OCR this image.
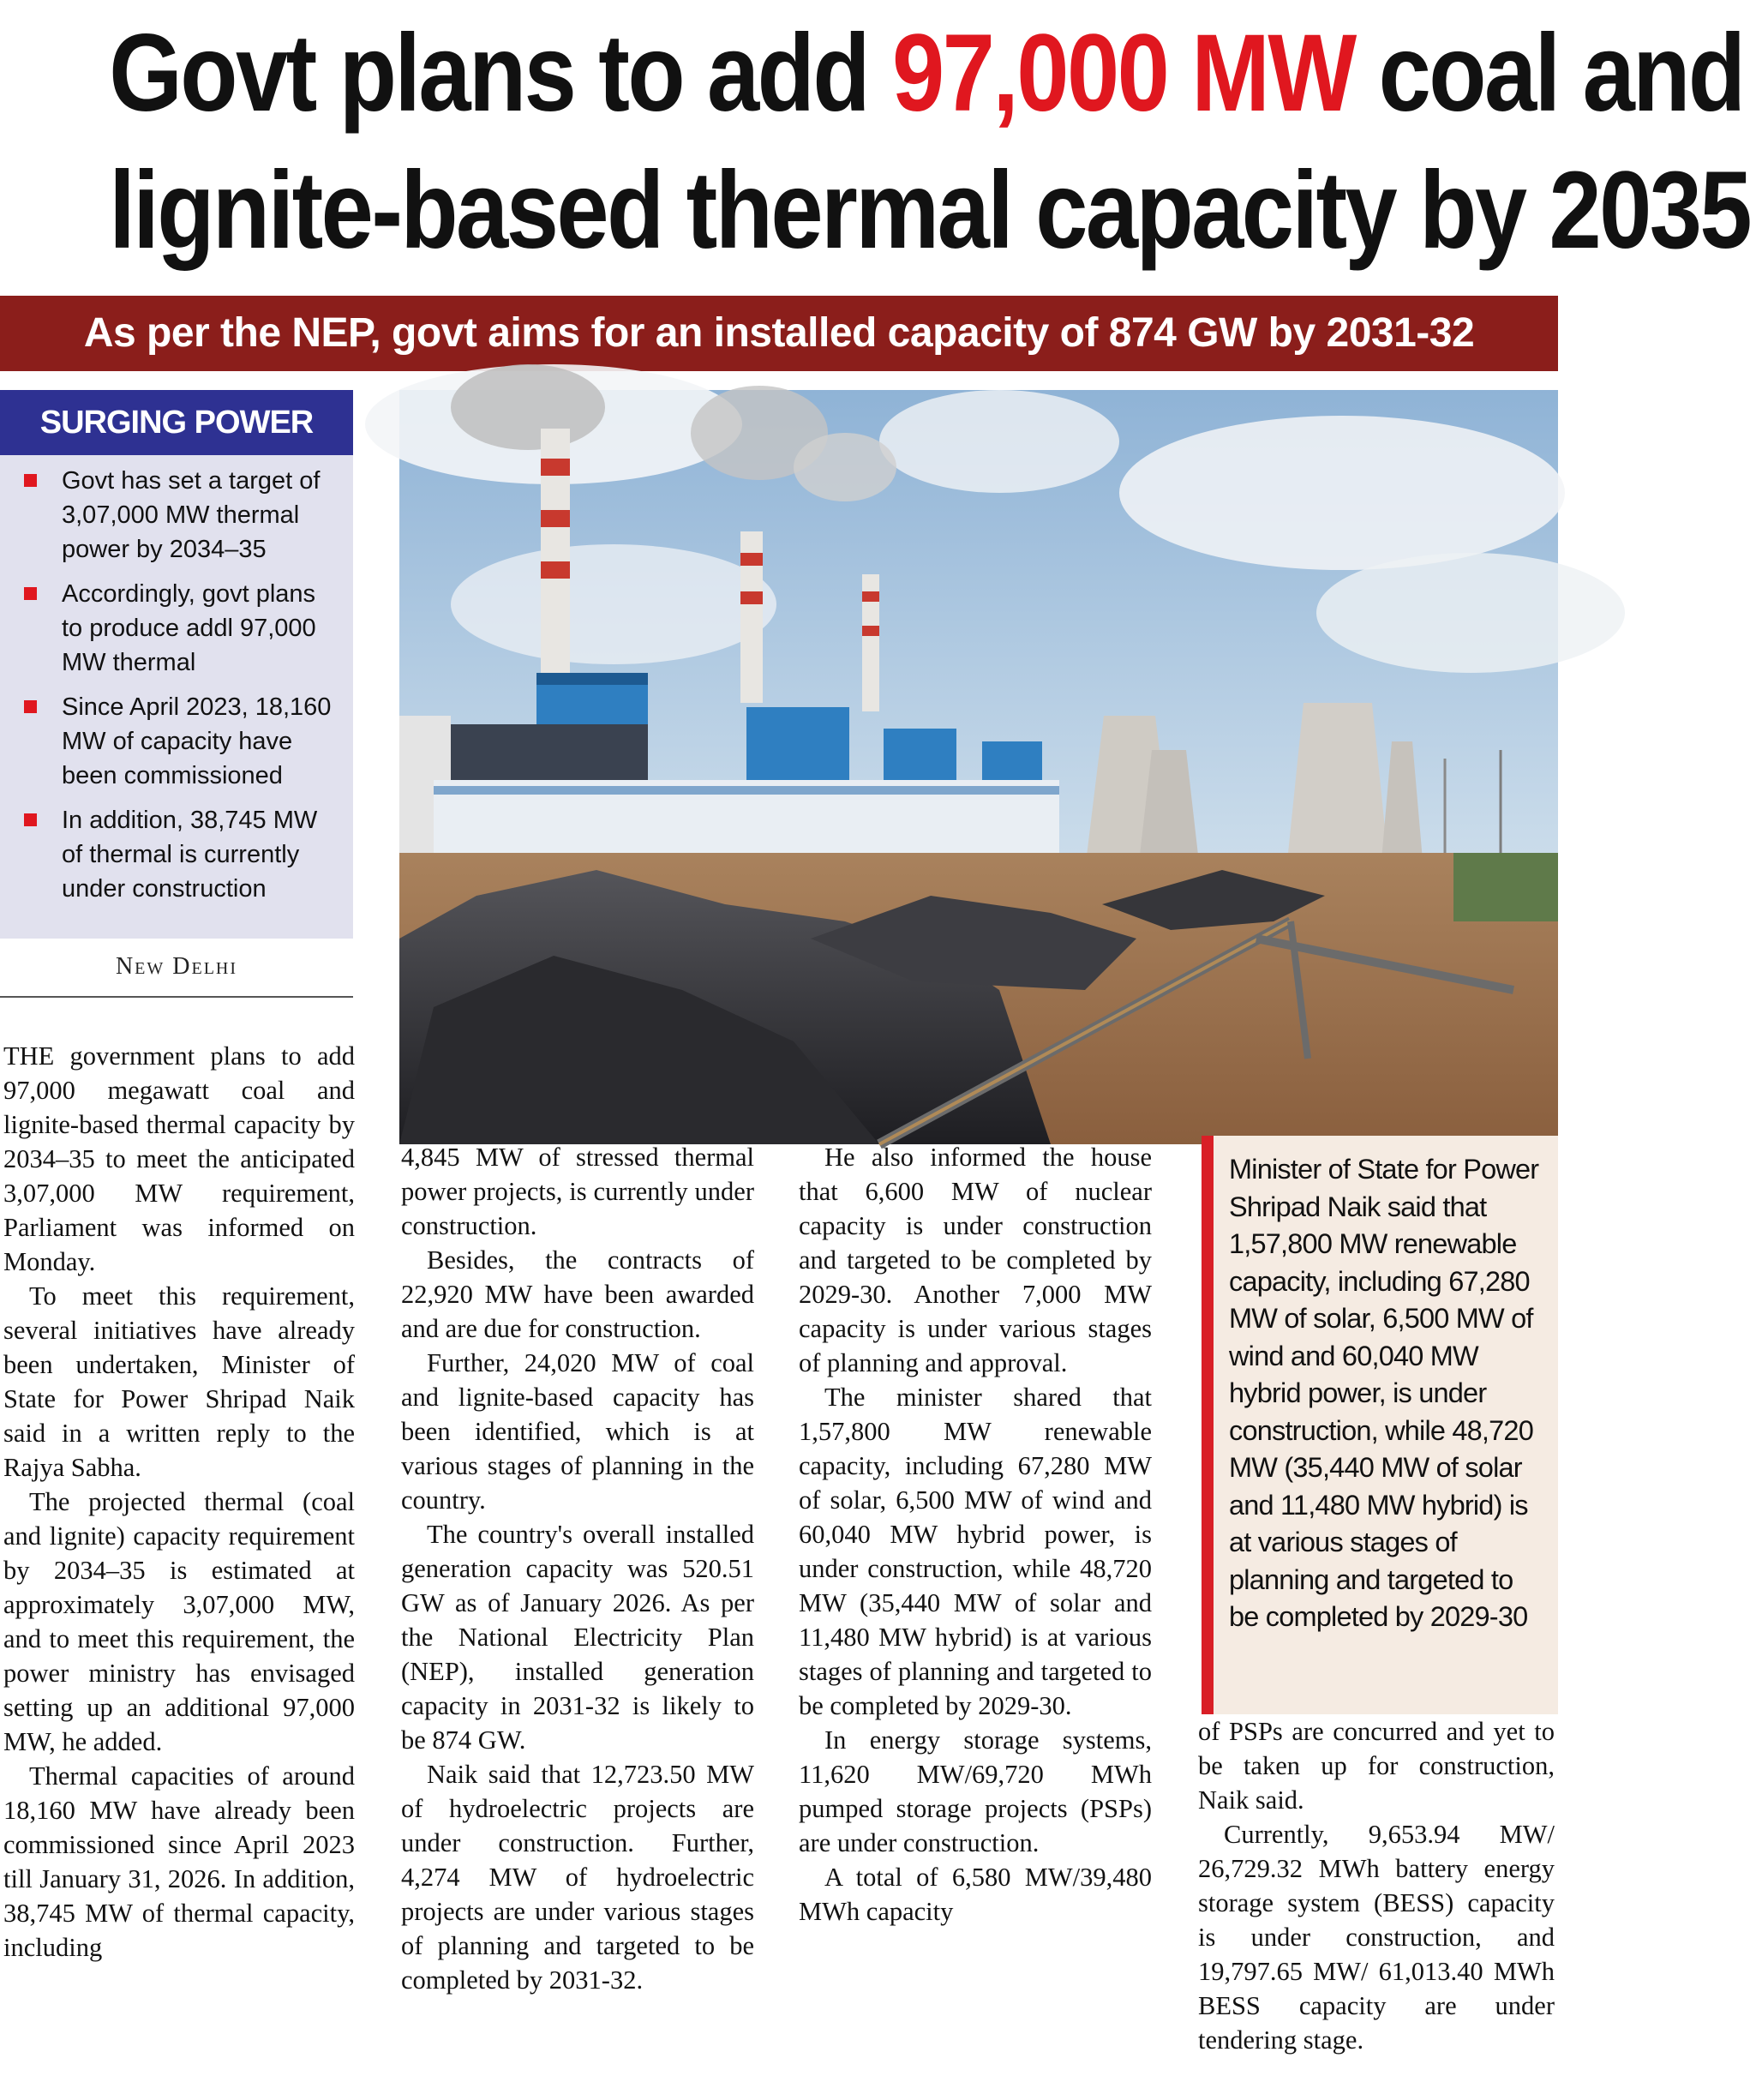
Govt plans to add 97,000 MW coal and
lignite-based thermal capacity by 2035
As per the NEP, govt aims for an installed capacity of 874 GW by 2031-32
SURGING POWER
Govt has set a target of 3,07,000 MW thermal power by 2034–35
Accordingly, govt plans to produce addl 97,000 MW thermal
Since April 2023, 18,160 MW of capacity have been commissioned
In addition, 38,745 MW of thermal is currently under construction
New Delhi

THE government plans to add 97,000 megawatt coal and lignite-based thermal capacity by 2034–35 to meet the anticipated 3,07,000 MW requirement, Parliament was informed on Monday.

To meet this requirement, several initiatives have already been undertaken, Minister of State for Power Shripad Naik said in a written reply to the Rajya Sabha.

The projected thermal (coal and lignite) capacity requirement by 2034–35 is estimated at approximately 3,07,000 MW, and to meet this requirement, the power ministry has envisaged setting up an additional 97,000 MW, he added.

Thermal capacities of around 18,160 MW have already been commissioned since April 2023 till January 31, 2026. In addition, 38,745 MW of thermal capacity, including

4,845 MW of stressed thermal power projects, is currently under construction.

Besides, the contracts of 22,920 MW have been awarded and are due for construction.

Further, 24,020 MW of coal and lignite-based capacity has been identified, which is at various stages of planning in the country.

The country's overall installed generation capacity was 520.51 GW as of January 2026. As per the National Electricity Plan (NEP), installed generation capacity in 2031-32 is likely to be 874 GW.

Naik said that 12,723.50 MW of hydroelectric projects are under construction. Further, 4,274 MW of hydroelectric projects are under various stages of planning and targeted to be completed by 2031-32.

He also informed the house that 6,600 MW of nuclear capacity is under construction and targeted to be completed by 2029-30. Another 7,000 MW capacity is under various stages of planning and approval.

The minister shared that 1,57,800 MW renewable capacity, including 67,280 MW of solar, 6,500 MW of wind and 60,040 MW hybrid power, is under construction, while 48,720 MW (35,440 MW of solar and 11,480 MW hybrid) is at various stages of planning and targeted to be completed by 2029-30.

In energy storage systems, 11,620 MW/69,720 MWh pumped storage projects (PSPs) are under construction.

A total of 6,580 MW/39,480 MWh capacity

Minister of State for Power Shripad Naik said that 1,57,800 MW renewable capacity, including 67,280 MW of solar, 6,500 MW of wind and 60,040 MW hybrid power, is under construction, while 48,720 MW (35,440 MW of solar and 11,480 MW hybrid) is at various stages of planning and targeted to be completed by 2029-30

of PSPs are concurred and yet to be taken up for construction, Naik said.

Currently, 9,653.94 MW/ 26,729.32 MWh battery energy storage system (BESS) capacity is under construction, and 19,797.65 MW/ 61,013.40 MWh BESS capacity are under tendering stage.
